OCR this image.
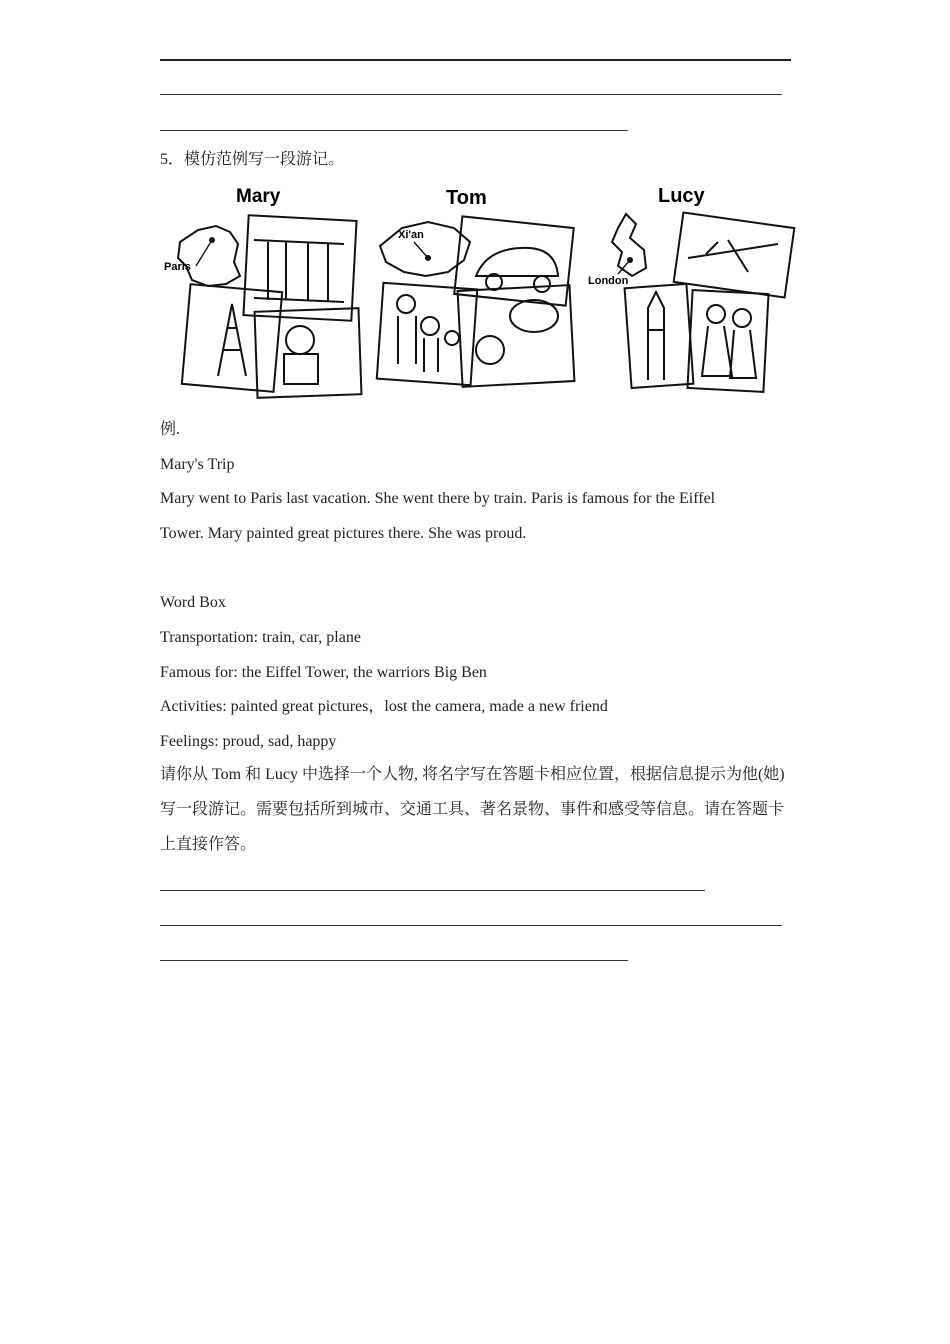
5．模仿范例写一段游记。
Mary	Tom	Lucy
Paris
Xi'an
London
例.
Mary's Trip
Mary went to Paris last vacation. She went there by train. Paris is famous for the Eiffel Tower. Mary painted great pictures there. She was proud.
Word Box
Transportation: train, car, plane
Famous for: the Eiffel Tower, the warriors Big Ben
Activities: painted great pictures，lost the camera, made a new friend
Feelings: proud, sad, happy
请你从 Tom 和 Lucy 中选择一个人物, 将名字写在答题卡相应位置，根据信息提示为他(她)写一段游记。需要包括所到城市、交通工具、著名景物、事件和感受等信息。请在答题卡上直接作答。
